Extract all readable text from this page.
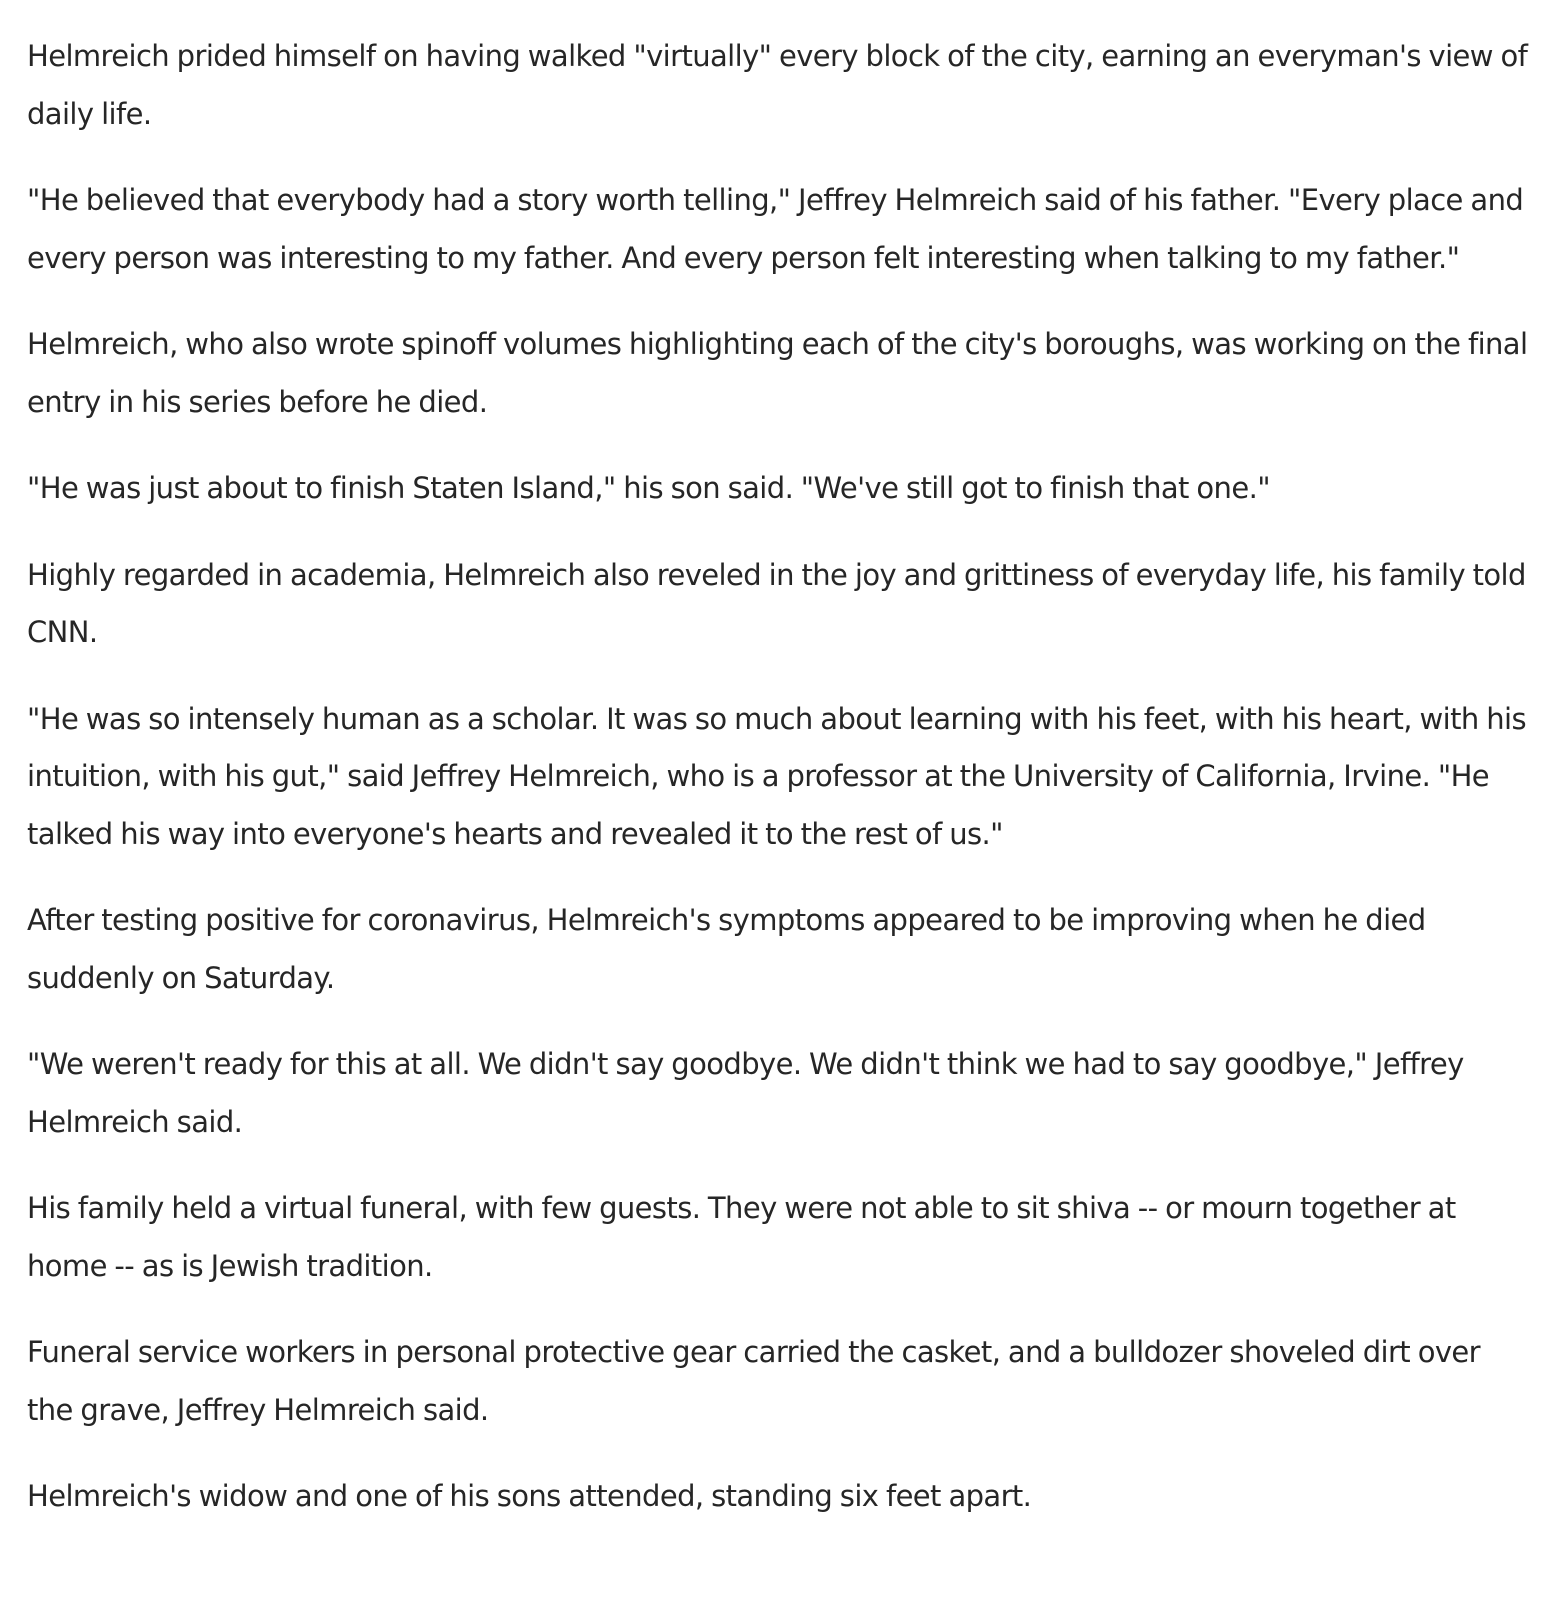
Helmreich prided himself on having walked "virtually" every block of the city, earning an everyman's view of daily life.

"He believed that everybody had a story worth telling," Jeffrey Helmreich said of his father. "Every place and every person was interesting to my father. And every person felt interesting when talking to my father."

Helmreich, who also wrote spinoff volumes highlighting each of the city's boroughs, was working on the final entry in his series before he died.

"He was just about to finish Staten Island," his son said. "We've still got to finish that one."

Highly regarded in academia, Helmreich also reveled in the joy and grittiness of everyday life, his family told CNN.

"He was so intensely human as a scholar. It was so much about learning with his feet, with his heart, with his intuition, with his gut," said Jeffrey Helmreich, who is a professor at the University of California, Irvine. "He talked his way into everyone's hearts and revealed it to the rest of us."

After testing positive for coronavirus, Helmreich's symptoms appeared to be improving when he died suddenly on Saturday.

"We weren't ready for this at all. We didn't say goodbye. We didn't think we had to say goodbye," Jeffrey Helmreich said.

His family held a virtual funeral, with few guests. They were not able to sit shiva -- or mourn together at home -- as is Jewish tradition.

Funeral service workers in personal protective gear carried the casket, and a bulldozer shoveled dirt over the grave, Jeffrey Helmreich said.

Helmreich's widow and one of his sons attended, standing six feet apart.
